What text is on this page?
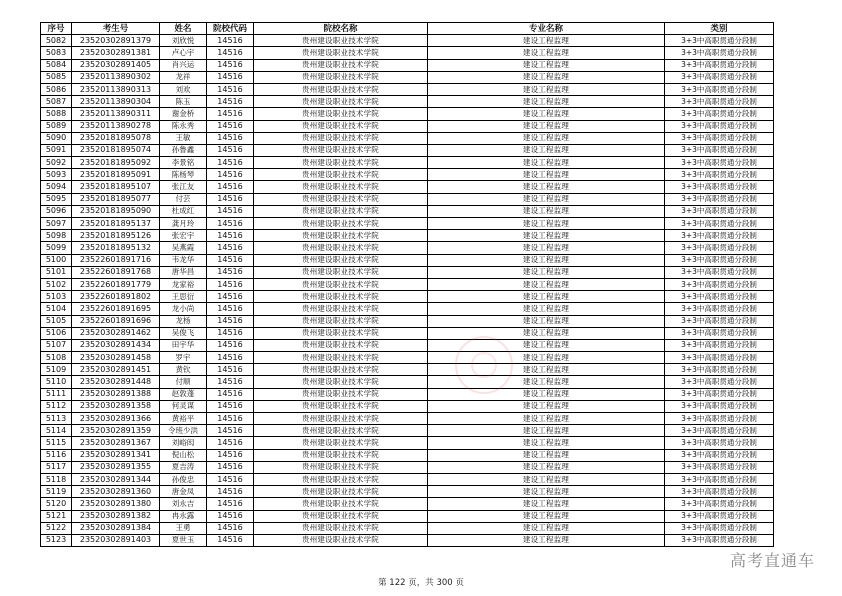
序号	考生号	姓名	院校代码	院校名称	专业名称	类别
5082	23520302891379	刘欣悦	14516	贵州建设职业技术学院	建设工程监理	3+3中高职贯通分段制
5083	23520302891381	卢心宇	14516	贵州建设职业技术学院	建设工程监理	3+3中高职贯通分段制
5084	23520302891405	肖兴运	14516	贵州建设职业技术学院	建设工程监理	3+3中高职贯通分段制
5085	23520113890302	龙祥	14516	贵州建设职业技术学院	建设工程监理	3+3中高职贯通分段制
5086	23520113890313	刘欢	14516	贵州建设职业技术学院	建设工程监理	3+3中高职贯通分段制
5087	23520113890304	陈玉	14516	贵州建设职业技术学院	建设工程监理	3+3中高职贯通分段制
5088	23520113890311	谢金桥	14516	贵州建设职业技术学院	建设工程监理	3+3中高职贯通分段制
5089	23520113890278	陈永秀	14516	贵州建设职业技术学院	建设工程监理	3+3中高职贯通分段制
5090	23520181895078	王敏	14516	贵州建设职业技术学院	建设工程监理	3+3中高职贯通分段制
5091	23520181895074	孙鲁鑫	14516	贵州建设职业技术学院	建设工程监理	3+3中高职贯通分段制
5092	23520181895092	李景铭	14516	贵州建设职业技术学院	建设工程监理	3+3中高职贯通分段制
5093	23520181895091	陈杨琴	14516	贵州建设职业技术学院	建设工程监理	3+3中高职贯通分段制
5094	23520181895107	张江友	14516	贵州建设职业技术学院	建设工程监理	3+3中高职贯通分段制
5095	23520181895077	付芸	14516	贵州建设职业技术学院	建设工程监理	3+3中高职贯通分段制
5096	23520181895090	杜成红	14516	贵州建设职业技术学院	建设工程监理	3+3中高职贯通分段制
5097	23520181895137	龚月玲	14516	贵州建设职业技术学院	建设工程监理	3+3中高职贯通分段制
5098	23520181895126	张宏宇	14516	贵州建设职业技术学院	建设工程监理	3+3中高职贯通分段制
5099	23520181895132	吴燕霞	14516	贵州建设职业技术学院	建设工程监理	3+3中高职贯通分段制
5100	23522601891716	韦龙华	14516	贵州建设职业技术学院	建设工程监理	3+3中高职贯通分段制
5101	23522601891768	唐华昌	14516	贵州建设职业技术学院	建设工程监理	3+3中高职贯通分段制
5102	23522601891779	龙家裕	14516	贵州建设职业技术学院	建设工程监理	3+3中高职贯通分段制
5103	23522601891802	王思衍	14516	贵州建设职业技术学院	建设工程监理	3+3中高职贯通分段制
5104	23522601891695	龙小尚	14516	贵州建设职业技术学院	建设工程监理	3+3中高职贯通分段制
5105	23522601891696	龙杨	14516	贵州建设职业技术学院	建设工程监理	3+3中高职贯通分段制
5106	23520302891462	吴俊飞	14516	贵州建设职业技术学院	建设工程监理	3+3中高职贯通分段制
5107	23520302891434	田宇华	14516	贵州建设职业技术学院	建设工程监理	3+3中高职贯通分段制
5108	23520302891458	罗宇	14516	贵州建设职业技术学院	建设工程监理	3+3中高职贯通分段制
5109	23520302891451	黄钦	14516	贵州建设职业技术学院	建设工程监理	3+3中高职贯通分段制
5110	23520302891448	付顺	14516	贵州建设职业技术学院	建设工程监理	3+3中高职贯通分段制
5111	23520302891388	赵敦蓬	14516	贵州建设职业技术学院	建设工程监理	3+3中高职贯通分段制
5112	23520302891358	何灵谋	14516	贵州建设职业技术学院	建设工程监理	3+3中高职贯通分段制
5113	23520302891366	黄裕平	14516	贵州建设职业技术学院	建设工程监理	3+3中高职贯通分段制
5114	23520302891359	令班少洪	14516	贵州建设职业技术学院	建设工程监理	3+3中高职贯通分段制
5115	23520302891367	刘峪闳	14516	贵州建设职业技术学院	建设工程监理	3+3中高职贯通分段制
5116	23520302891341	倪山松	14516	贵州建设职业技术学院	建设工程监理	3+3中高职贯通分段制
5117	23520302891355	夏吉涛	14516	贵州建设职业技术学院	建设工程监理	3+3中高职贯通分段制
5118	23520302891344	孙俊忠	14516	贵州建设职业技术学院	建设工程监理	3+3中高职贯通分段制
5119	23520302891360	唐金凤	14516	贵州建设职业技术学院	建设工程监理	3+3中高职贯通分段制
5120	23520302891380	刘永吉	14516	贵州建设职业技术学院	建设工程监理	3+3中高职贯通分段制
5121	23520302891382	冉永露	14516	贵州建设职业技术学院	建设工程监理	3+3中高职贯通分段制
5122	23520302891384	王勇	14516	贵州建设职业技术学院	建设工程监理	3+3中高职贯通分段制
5123	23520302891403	夏世玉	14516	贵州建设职业技术学院	建设工程监理	3+3中高职贯通分段制
第 122 页，共 300 页
高考直通车
